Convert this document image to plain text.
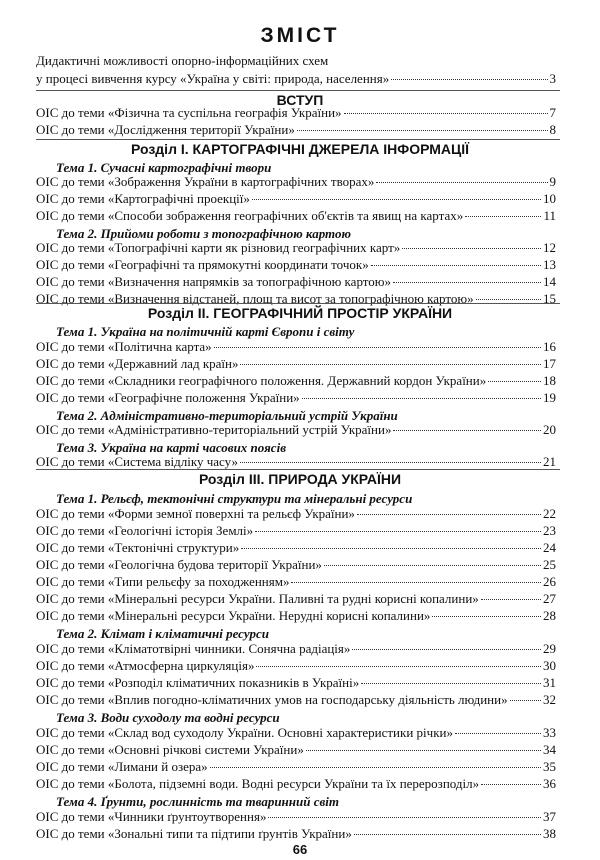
ЗМІСТ
Дидактичні можливості опорно-інформаційних схем
у процесі вивчення курсу «Україна у світі: природа, населення»	3
ВСТУП
ОІС до теми «Фізична та суспільна географія України»	7
ОІС до теми «Дослідження території України»	8
Розділ І. КАРТОГРАФІЧНІ ДЖЕРЕЛА ІНФОРМАЦІЇ
Тема 1. Сучасні картографічні твори
ОІС до теми «Зображення України в картографічних творах»	9
ОІС до теми «Картографічні проекції»	10
ОІС до теми «Способи зображення географічних об'єктів та явищ на картах»	11
Тема 2. Прийоми роботи з топографічною картою
ОІС до теми «Топографічні карти як різновид географічних карт»	12
ОІС до теми «Географічні та прямокутні координати точок»	13
ОІС до теми «Визначення напрямків за топографічною картою»	14
ОІС до теми «Визначення відстаней, площ та висот за топографічною картою»	15
Розділ ІІ. ГЕОГРАФІЧНИЙ ПРОСТІР УКРАЇНИ
Тема 1. Україна на політичній карті Європи і світу
ОІС до теми «Політична карта»	16
ОІС до теми «Державний лад країн»	17
ОІС до теми «Складники географічного положення. Державний кордон України»	18
ОІС до теми «Географічне положення України»	19
Тема 2. Адміністративно-територіальний устрій України
ОІС до теми «Адміністративно-територіальний устрій України»	20
Тема 3. Україна на карті часових поясів
ОІС до теми «Система відліку часу»	21
Розділ ІІІ. ПРИРОДА УКРАЇНИ
Тема 1. Рельєф, тектонічні структури та мінеральні ресурси
ОІС до теми «Форми земної поверхні та рельєф України»	22
ОІС до теми «Геологічні історія Землі»	23
ОІС до теми «Тектонічні структури»	24
ОІС до теми «Геологічна будова території України»	25
ОІС до теми «Типи рельєфу за походженням»	26
ОІС до теми «Мінеральні ресурси України. Паливні та рудні корисні копалини»	27
ОІС до теми «Мінеральні ресурси України. Нерудні корисні копалини»	28
Тема 2. Клімат і кліматичні ресурси
ОІС до теми «Кліматотвірні чинники. Сонячна радіація»	29
ОІС до теми «Атмосферна циркуляція»	30
ОІС до теми «Розподіл кліматичних показників в Україні»	31
ОІС до теми «Вплив погодно-кліматичних умов на господарську діяльність людини»	32
Тема 3. Води суходолу та водні ресурси
ОІС до теми «Склад вод суходолу України. Основні характеристики річки»	33
ОІС до теми «Основні річкові системи України»	34
ОІС до теми «Лимани й озера»	35
ОІС до теми «Болота, підземні води. Водні ресурси України та їх перерозподіл»	36
Тема 4. Ґрунти, рослинність та тваринний світ
ОІС до теми «Чинники ґрунтоутворення»	37
ОІС до теми «Зональні типи та підтипи ґрунтів України»	38
66
